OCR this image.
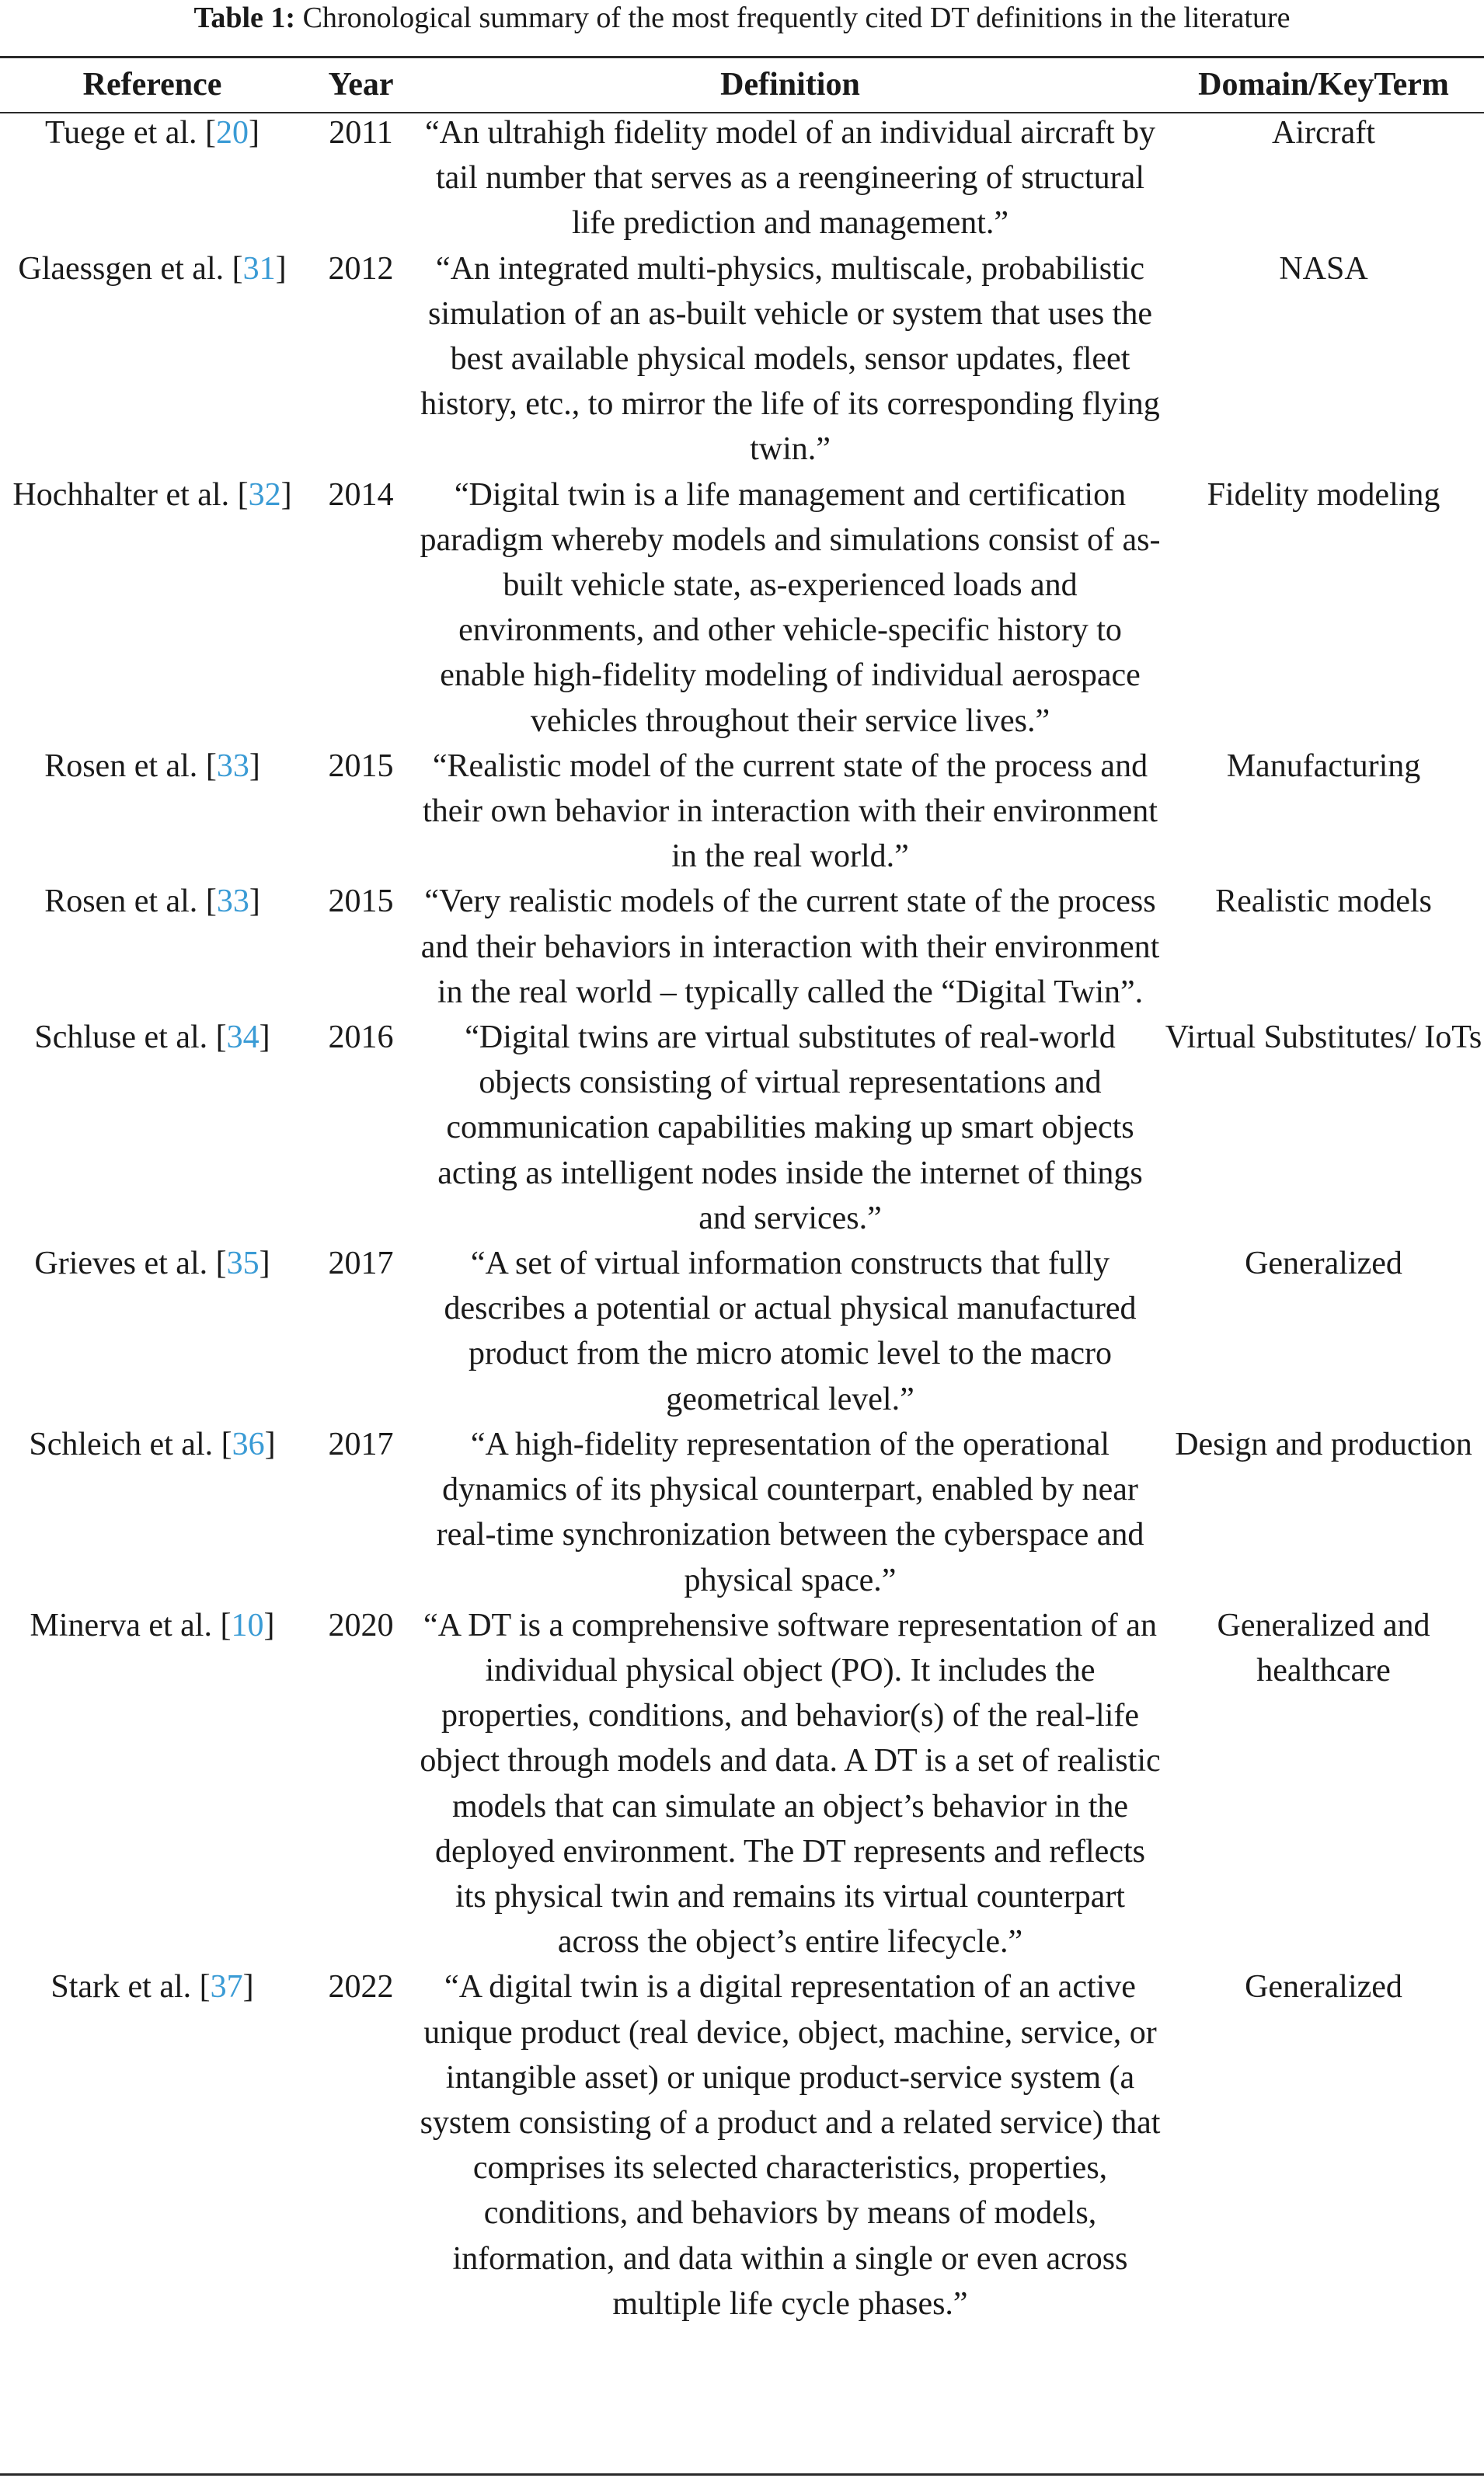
Table 1: Chronological summary of the most frequently cited DT definitions in the literature
Reference	Year	Definition	Domain/KeyTerm
Tuege et al. [20]	2011	“An ultrahigh fidelity model of an individual aircraft by tail number that serves as a reengineering of structural life prediction and management.”	Aircraft
Glaessgen et al. [31]	2012	“An integrated multi-physics, multiscale, probabilistic simulation of an as-built vehicle or system that uses the best available physical models, sensor updates, fleet history, etc., to mirror the life of its corresponding flying twin.”	NASA
Hochhalter et al. [32]	2014	“Digital twin is a life management and certification paradigm whereby models and simulations consist of as-built vehicle state, as-experienced loads and environments, and other vehicle-specific history to enable high-fidelity modeling of individual aerospace vehicles throughout their service lives.”	Fidelity modeling
Rosen et al. [33]	2015	“Realistic model of the current state of the process and their own behavior in interaction with their environment in the real world.”	Manufacturing
Rosen et al. [33]	2015	“Very realistic models of the current state of the process and their behaviors in interaction with their environment in the real world – typically called the “Digital Twin”.	Realistic models
Schluse et al. [34]	2016	“Digital twins are virtual substitutes of real-world objects consisting of virtual representations and communication capabilities making up smart objects acting as intelligent nodes inside the internet of things and services.”	Virtual Substitutes/ IoTs
Grieves et al. [35]	2017	“A set of virtual information constructs that fully describes a potential or actual physical manufactured product from the micro atomic level to the macro geometrical level.”	Generalized
Schleich et al. [36]	2017	“A high-fidelity representation of the operational dynamics of its physical counterpart, enabled by near real-time synchronization between the cyberspace and physical space.”	Design and production
Minerva et al. [10]	2020	“A DT is a comprehensive software representation of an individual physical object (PO). It includes the properties, conditions, and behavior(s) of the real-life object through models and data. A DT is a set of realistic models that can simulate an object’s behavior in the deployed environment. The DT represents and reflects its physical twin and remains its virtual counterpart across the object’s entire lifecycle.”	Generalized and healthcare
Stark et al. [37]	2022	“A digital twin is a digital representation of an active unique product (real device, object, machine, service, or intangible asset) or unique product-service system (a system consisting of a product and a related service) that comprises its selected characteristics, properties, conditions, and behaviors by means of models, information, and data within a single or even across multiple life cycle phases.”	Generalized
